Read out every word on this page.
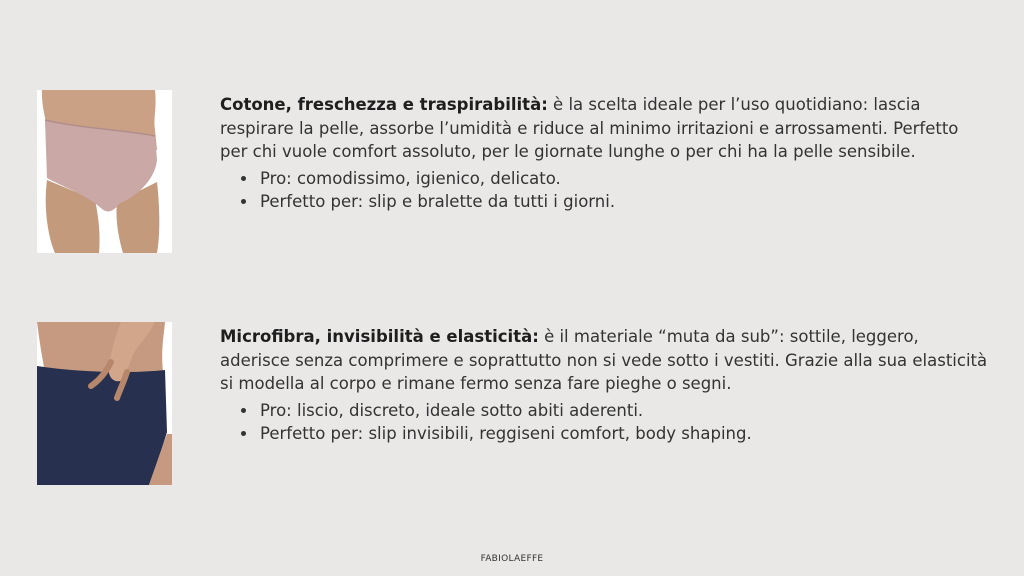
Cotone, freschezza e traspirabilità: è la scelta ideale per l’uso quotidiano: lascia respirare la pelle, assorbe l’umidità e riduce al minimo irritazioni e arrossamenti. Perfetto per chi vuole comfort assoluto, per le giornate lunghe o per chi ha la pelle sensibile.
• Pro: comodissimo, igienico, delicato.
• Perfetto per: slip e bralette da tutti i giorni.
Microfibra, invisibilità e elasticità: è il materiale “muta da sub”: sottile, leggero, aderisce senza comprimere e soprattutto non si vede sotto i vestiti. Grazie alla sua elasticità si modella al corpo e rimane fermo senza fare pieghe o segni.
• Pro: liscio, discreto, ideale sotto abiti aderenti.
• Perfetto per: slip invisibili, reggiseni comfort, body shaping.
FABIOLAEFFE
